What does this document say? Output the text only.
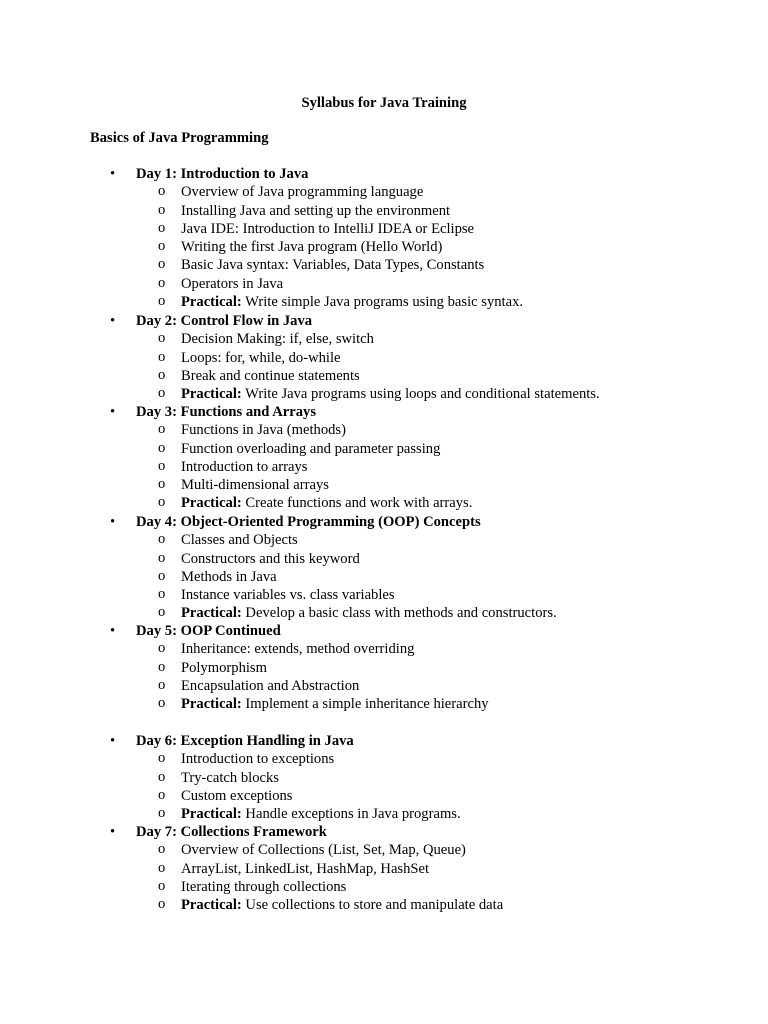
Syllabus for Java Training
Basics of Java Programming
Day 1: Introduction to Java
o Overview of Java programming language
o Installing Java and setting up the environment
o Java IDE: Introduction to IntelliJ IDEA or Eclipse
o Writing the first Java program (Hello World)
o Basic Java syntax: Variables, Data Types, Constants
o Operators in Java
o Practical: Write simple Java programs using basic syntax.
Day 2: Control Flow in Java
o Decision Making: if, else, switch
o Loops: for, while, do-while
o Break and continue statements
o Practical: Write Java programs using loops and conditional statements.
Day 3: Functions and Arrays
o Functions in Java (methods)
o Function overloading and parameter passing
o Introduction to arrays
o Multi-dimensional arrays
o Practical: Create functions and work with arrays.
Day 4: Object-Oriented Programming (OOP) Concepts
o Classes and Objects
o Constructors and this keyword
o Methods in Java
o Instance variables vs. class variables
o Practical: Develop a basic class with methods and constructors.
Day 5: OOP Continued
o Inheritance: extends, method overriding
o Polymorphism
o Encapsulation and Abstraction
o Practical: Implement a simple inheritance hierarchy
Day 6: Exception Handling in Java
o Introduction to exceptions
o Try-catch blocks
o Custom exceptions
o Practical: Handle exceptions in Java programs.
Day 7: Collections Framework
o Overview of Collections (List, Set, Map, Queue)
o ArrayList, LinkedList, HashMap, HashSet
o Iterating through collections
o Practical: Use collections to store and manipulate data
